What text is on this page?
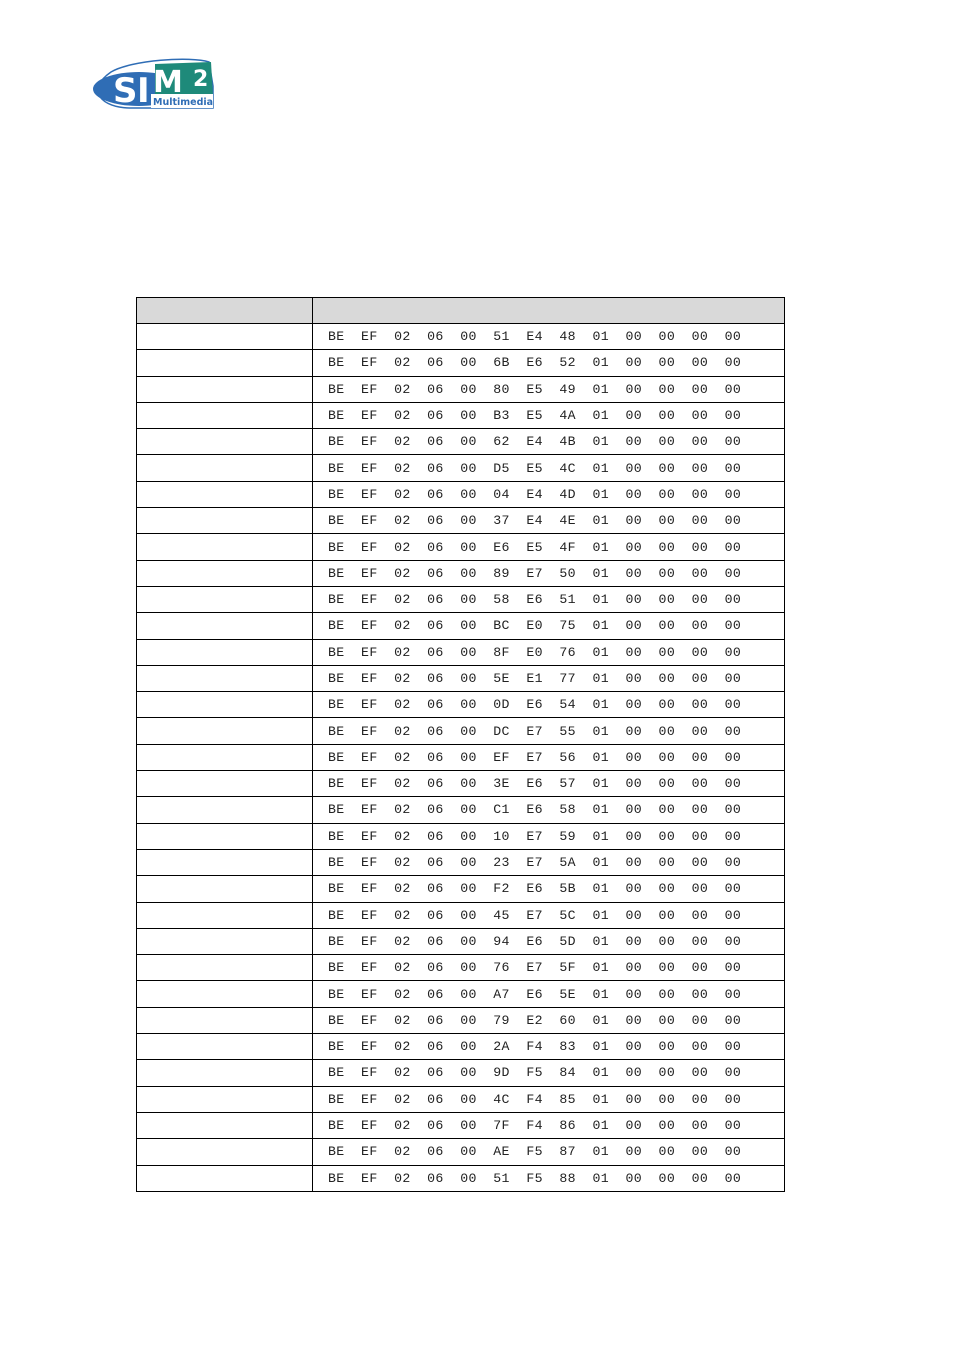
S I M 2
Multimedia

	BE  EF  02  06  00  51  E4  48  01  00  00  00  00
	BE  EF  02  06  00  6B  E6  52  01  00  00  00  00
	BE  EF  02  06  00  80  E5  49  01  00  00  00  00
	BE  EF  02  06  00  B3  E5  4A  01  00  00  00  00
	BE  EF  02  06  00  62  E4  4B  01  00  00  00  00
	BE  EF  02  06  00  D5  E5  4C  01  00  00  00  00
	BE  EF  02  06  00  04  E4  4D  01  00  00  00  00
	BE  EF  02  06  00  37  E4  4E  01  00  00  00  00
	BE  EF  02  06  00  E6  E5  4F  01  00  00  00  00
	BE  EF  02  06  00  89  E7  50  01  00  00  00  00
	BE  EF  02  06  00  58  E6  51  01  00  00  00  00
	BE  EF  02  06  00  BC  E0  75  01  00  00  00  00
	BE  EF  02  06  00  8F  E0  76  01  00  00  00  00
	BE  EF  02  06  00  5E  E1  77  01  00  00  00  00
	BE  EF  02  06  00  0D  E6  54  01  00  00  00  00
	BE  EF  02  06  00  DC  E7  55  01  00  00  00  00
	BE  EF  02  06  00  EF  E7  56  01  00  00  00  00
	BE  EF  02  06  00  3E  E6  57  01  00  00  00  00
	BE  EF  02  06  00  C1  E6  58  01  00  00  00  00
	BE  EF  02  06  00  10  E7  59  01  00  00  00  00
	BE  EF  02  06  00  23  E7  5A  01  00  00  00  00
	BE  EF  02  06  00  F2  E6  5B  01  00  00  00  00
	BE  EF  02  06  00  45  E7  5C  01  00  00  00  00
	BE  EF  02  06  00  94  E6  5D  01  00  00  00  00
	BE  EF  02  06  00  76  E7  5F  01  00  00  00  00
	BE  EF  02  06  00  A7  E6  5E  01  00  00  00  00
	BE  EF  02  06  00  79  E2  60  01  00  00  00  00
	BE  EF  02  06  00  2A  F4  83  01  00  00  00  00
	BE  EF  02  06  00  9D  F5  84  01  00  00  00  00
	BE  EF  02  06  00  4C  F4  85  01  00  00  00  00
	BE  EF  02  06  00  7F  F4  86  01  00  00  00  00
	BE  EF  02  06  00  AE  F5  87  01  00  00  00  00
	BE  EF  02  06  00  51  F5  88  01  00  00  00  00
